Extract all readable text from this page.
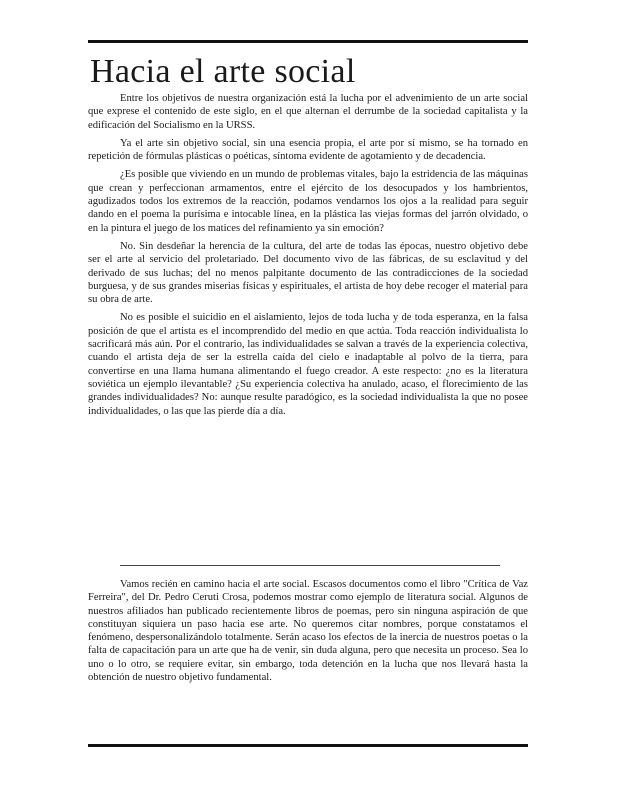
Hacia el arte social

Entre los objetivos de nuestra organización está la lucha por el advenimiento de un arte social que exprese el contenido de este siglo, en el que alternan el derrumbe de la sociedad capitalista y la edificación del Socialismo en la URSS.

Ya el arte sin objetivo social, sin una esencia propia, el arte por sí mismo, se ha tornado en repetición de fórmulas plásticas o poéticas, síntoma evidente de agotamiento y de decadencia.

¿Es posible que viviendo en un mundo de problemas vitales, bajo la estridencia de las máquinas que crean y perfeccionan armamentos, entre el ejército de los desocupados y los hambrientos, agudizados todos los extremos de la reacción, podamos vendarnos los ojos a la realidad para seguir dando en el poema la purísima e intocable línea, en la plástica las viejas formas del jarrón olvidado, o en la pintura el juego de los matices del refinamiento ya sin emoción?

No. Sin desdeñar la herencia de la cultura, del arte de todas las épocas, nuestro objetivo debe ser el arte al servicio del proletariado. Del documento vivo de las fábricas, de su esclavitud y del derivado de sus luchas; del no menos palpitante documento de las contradicciones de la sociedad burguesa, y de sus grandes miserias físicas y espirituales, el artista de hoy debe recoger el material para su obra de arte.

No es posible el suicidio en el aislamiento, lejos de toda lucha y de toda esperanza, en la falsa posición de que el artista es el incomprendido del medio en que actúa. Toda reacción individualista lo sacrificará más aún. Por el contrario, las individualidades se salvan a través de la experiencia colectiva, cuando el artista deja de ser la estrella caída del cielo e inadaptable al polvo de la tierra, para convertirse en una llama humana alimentando el fuego creador. A este respecto: ¿no es la literatura soviética un ejemplo ilevantable? ¿Su experiencia colectiva ha anulado, acaso, el florecimiento de las grandes individualidades? No: aunque resulte paradógico, es la sociedad individualista la que no posee individualidades, o las que las pierde día a día.

Vamos recién en camino hacia el arte social. Escasos documentos como el libro "Crítica de Vaz Ferreira", del Dr. Pedro Ceruti Crosa, podemos mostrar como ejemplo de literatura social. Algunos de nuestros afiliados han publicado recientemente libros de poemas, pero sin ninguna aspiración de que constituyan siquiera un paso hacia ese arte. No queremos citar nombres, porque constatamos el fenómeno, despersonalizándolo totalmente. Serán acaso los efectos de la inercia de nuestros poetas o la falta de capacitación para un arte que ha de venir, sin duda alguna, pero que necesita un proceso. Sea lo uno o lo otro, se requiere evitar, sin embargo, toda detención en la lucha que nos llevará hasta la obtención de nuestro objetivo fundamental.
